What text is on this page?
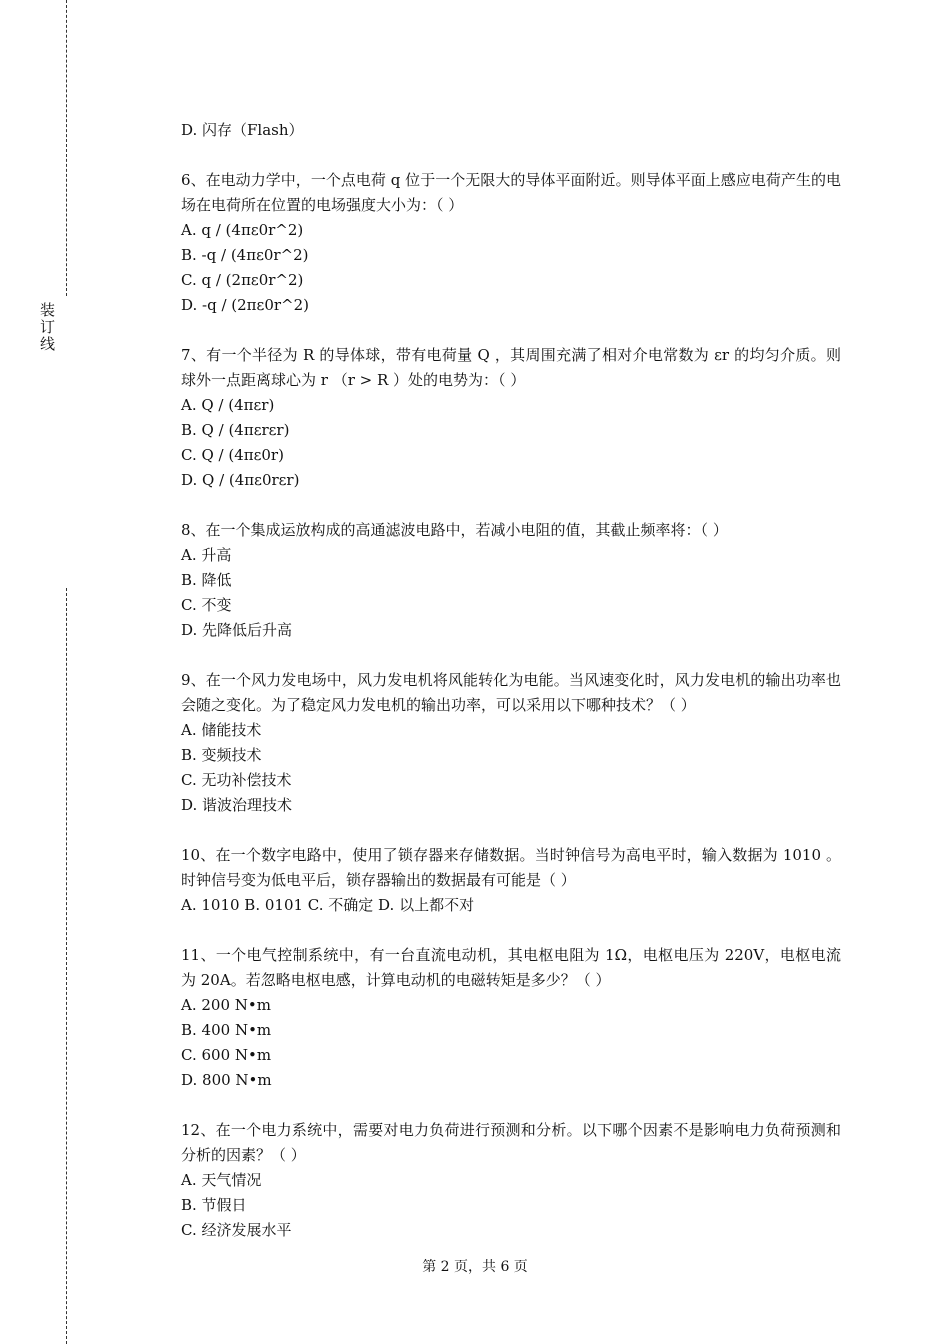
装订线
D. 闪存（Flash）
6、在电动力学中，一个点电荷 q 位于一个无限大的导体平面附近。则导体平面上感应电荷产生的电场在电荷所在位置的电场强度大小为：（ ）
A. q / (4πε0r^2)
B. -q / (4πε0r^2)
C. q / (2πε0r^2)
D. -q / (2πε0r^2)
7、有一个半径为 R 的导体球，带有电荷量 Q ，其周围充满了相对介电常数为 εr 的均匀介质。则球外一点距离球心为 r （r > R ）处的电势为：（ ）
A. Q / (4πεr)
B. Q / (4πεrεr)
C. Q / (4πε0r)
D. Q / (4πε0rεr)
8、在一个集成运放构成的高通滤波电路中，若减小电阻的值，其截止频率将：（ ）
A. 升高
B. 降低
C. 不变
D. 先降低后升高
9、在一个风力发电场中，风力发电机将风能转化为电能。当风速变化时，风力发电机的输出功率也会随之变化。为了稳定风力发电机的输出功率，可以采用以下哪种技术？（ ）
A. 储能技术
B. 变频技术
C. 无功补偿技术
D. 谐波治理技术
10、在一个数字电路中，使用了锁存器来存储数据。当时钟信号为高电平时，输入数据为 1010 。时钟信号变为低电平后，锁存器输出的数据最有可能是（ ）
A. 1010 B. 0101 C. 不确定 D. 以上都不对
11、一个电气控制系统中，有一台直流电动机，其电枢电阻为 1Ω，电枢电压为 220V，电枢电流为 20A。若忽略电枢电感，计算电动机的电磁转矩是多少？（ ）
A. 200 N•m
B. 400 N•m
C. 600 N•m
D. 800 N•m
12、在一个电力系统中，需要对电力负荷进行预测和分析。以下哪个因素不是影响电力负荷预测和分析的因素？（ ）
A. 天气情况
B. 节假日
C. 经济发展水平
第 2 页，共 6 页
